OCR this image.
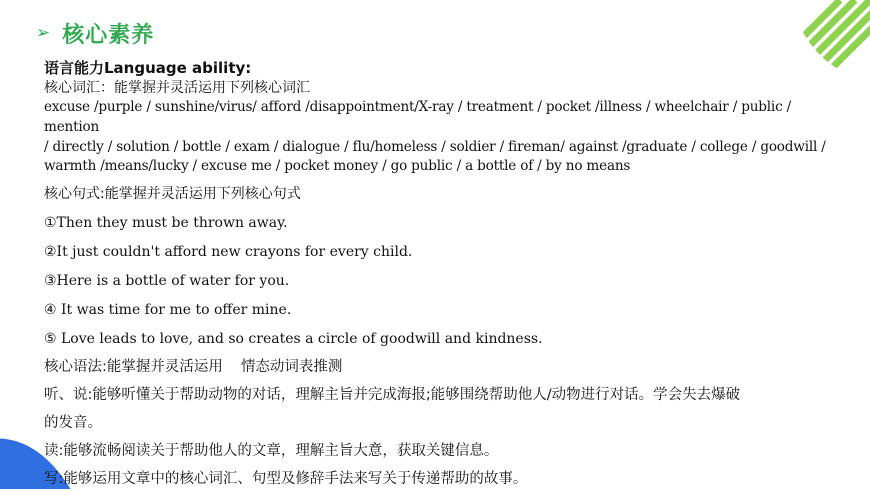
➢ 核心素养
语言能力Language ability:
核心词汇：能掌握并灵活运用下列核心词汇
excuse /purple / sunshine/virus/ afford /disappointment/X-ray / treatment / pocket /illness / wheelchair / public / mention
/ directly / solution / bottle / exam / dialogue / flu/homeless / soldier / fireman/ against /graduate / college / goodwill /
warmth /means/lucky / excuse me / pocket money / go public / a bottle of / by no means
核心句式:能掌握并灵活运用下列核心句式
①Then they must be thrown away.
②It just couldn't afford new crayons for every child.
③Here is a bottle of water for you.
④ It was time for me to offer mine.
⑤ Love leads to love, and so creates a circle of goodwill and kindness.
核心语法:能掌握并灵活运用 情态动词表推测
听、说:能够听懂关于帮助动物的对话，理解主旨并完成海报;能够围绕帮助他人/动物进行对话。学会失去爆破
的发音。
读:能够流畅阅读关于帮助他人的文章，理解主旨大意，获取关键信息。
写:能够运用文章中的核心词汇、句型及修辞手法来写关于传递帮助的故事。
